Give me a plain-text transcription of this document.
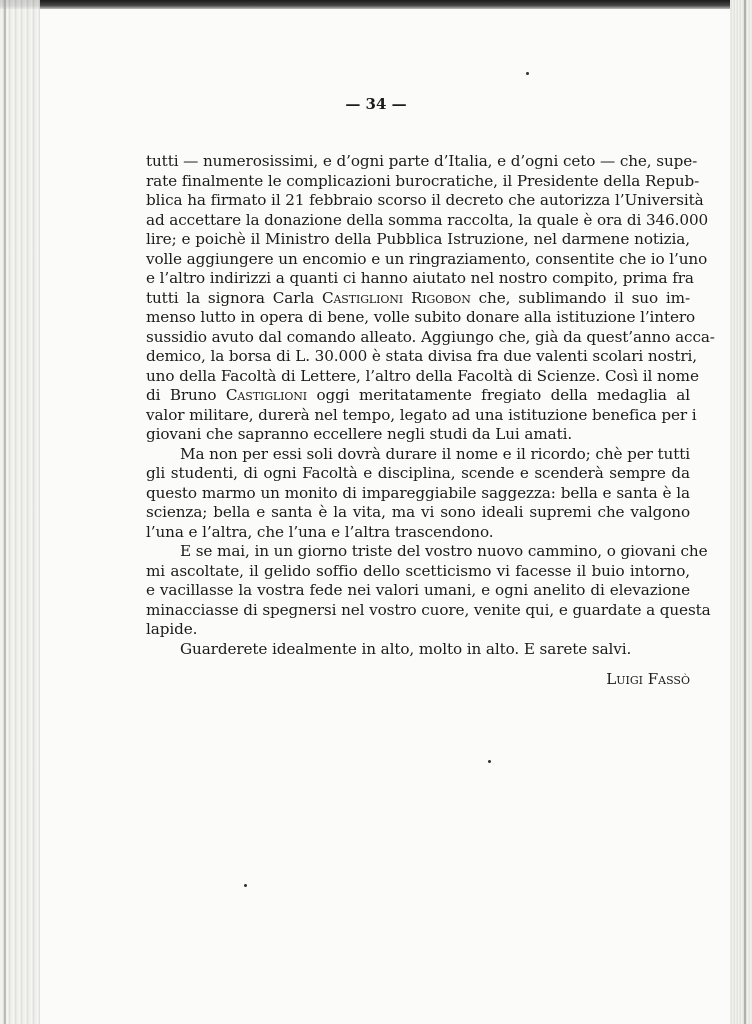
— 34 —

tutti — numerosissimi, e d’ogni parte d’Italia, e d’ogni ceto — che, supe-
rate finalmente le complicazioni burocratiche, il Presidente della Repub-
blica ha firmato il 21 febbraio scorso il decreto che autorizza l’Università
ad accettare la donazione della somma raccolta, la quale è ora di 346.000
lire; e poichè il Ministro della Pubblica Istruzione, nel darmene notizia,
volle aggiungere un encomio e un ringraziamento, consentite che io l’uno
e l’altro indirizzi a quanti ci hanno aiutato nel nostro compito, prima fra
tutti la signora Carla Castiglioni Rigobon che, sublimando il suo im-
menso lutto in opera di bene, volle subito donare alla istituzione l’intero
sussidio avuto dal comando alleato. Aggiungo che, già da quest’anno acca-
demico, la borsa di L. 30.000 è stata divisa fra due valenti scolari nostri,
uno della Facoltà di Lettere, l’altro della Facoltà di Scienze. Così il nome
di Bruno Castiglioni oggi meritatamente fregiato della medaglia al
valor militare, durerà nel tempo, legato ad una istituzione benefica per i
giovani che sapranno eccellere negli studi da Lui amati.

Ma non per essi soli dovrà durare il nome e il ricordo; chè per tutti
gli studenti, di ogni Facoltà e disciplina, scende e scenderà sempre da
questo marmo un monito di impareggiabile saggezza: bella e santa è la
scienza; bella e santa è la vita, ma vi sono ideali supremi che valgono
l’una e l’altra, che l’una e l’altra trascendono.

E se mai, in un giorno triste del vostro nuovo cammino, o giovani che
mi ascoltate, il gelido soffio dello scetticismo vi facesse il buio intorno,
e vacillasse la vostra fede nei valori umani, e ogni anelito di elevazione
minacciasse di spegnersi nel vostro cuore, venite qui, e guardate a questa
lapide.

Guarderete idealmente in alto, molto in alto. E sarete salvi.

Luigi Fassò
